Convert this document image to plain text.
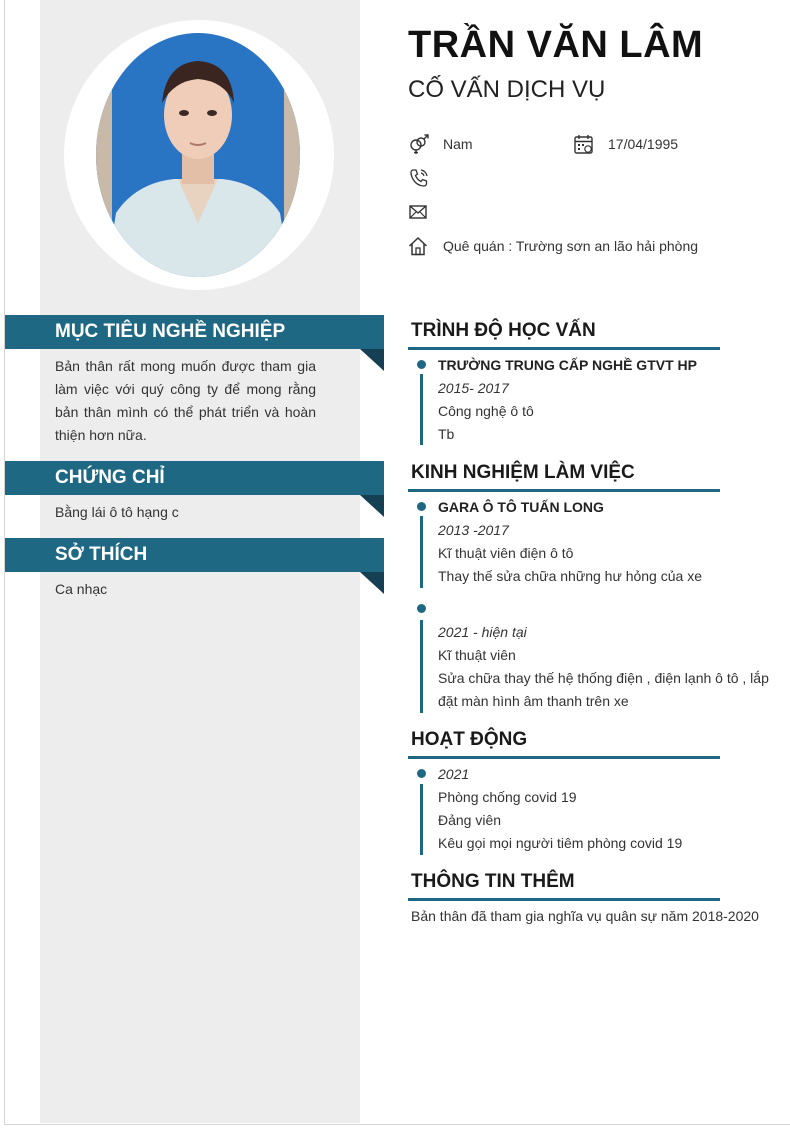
TRẦN VĂN LÂM
CỐ VẤN DỊCH VỤ
Nam	17/04/1995
Quê quán : Trường sơn an lão hải phòng
MỤC TIÊU NGHỀ NGHIỆP
Bản thân rất mong muốn được tham gia làm việc với quý công ty để mong rằng bản thân mình có thể phát triển và hoàn thiện hơn nữa.
CHỨNG CHỈ
Bằng lái ô tô hạng c
SỞ THÍCH
Ca nhạc
TRÌNH ĐỘ HỌC VẤN
TRƯỜNG TRUNG CẤP NGHỀ GTVT HP
2015- 2017
Công nghệ ô tô
Tb
KINH NGHIỆM LÀM VIỆC
GARA Ô TÔ TUẤN LONG
2013 -2017
Kĩ thuật viên điện ô tô
Thay thế sửa chữa những hư hỏng của xe
2021 - hiện tại
Kĩ thuật viên
Sửa chữa thay thế hệ thống điện , điện lạnh ô tô , lắp đặt màn hình âm thanh trên xe
HOẠT ĐỘNG
2021
Phòng chống covid 19
Đảng viên
Kêu gọi mọi người tiêm phòng covid 19
THÔNG TIN THÊM
Bản thân đã tham gia nghĩa vụ quân sự năm 2018-2020
